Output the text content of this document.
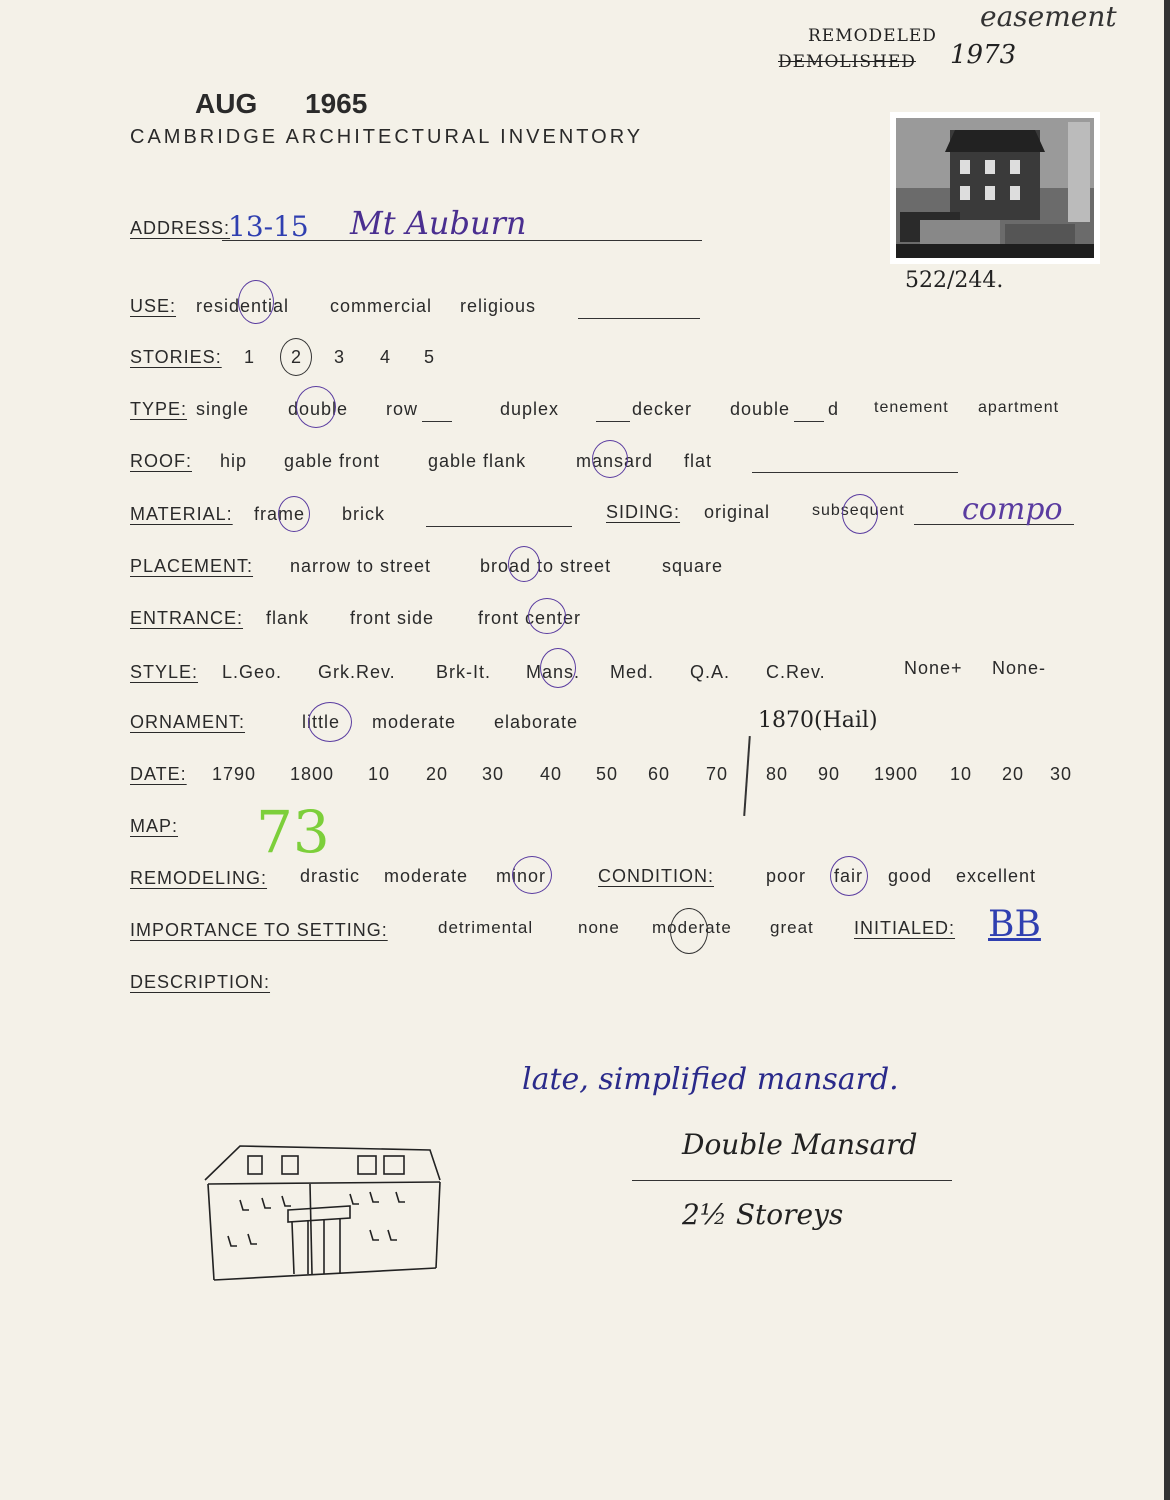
easement
REMODELED
DEMOLISHED 1973
AUG 1965
CAMBRIDGE ARCHITECTURAL INVENTORY
522/244.
ADDRESS:
13-15 Mt Auburn
USE: residential commercial religious
STORIES: 1 2 3 4 5
TYPE: single double row	duplex	decker double d tenement apartment
ROOF: hip gable front	gable flank	mansard flat
MATERIAL: frame brick	SIDING: original	subsequent compo
PLACEMENT: narrow to street	broad to street	square
ENTRANCE: flank front side front center
STYLE: L.Geo. Grk.Rev. Brk-It. Mans. Med. Q.A. C.Rev.	None+ None-
ORNAMENT:	little moderate elaborate	1870(Hail)
DATE: 1790 1800 10 20 30 40 50 60 70 80 90 1900 10 20 30
MAP: 73
REMODELING: drastic moderate minor	CONDITION:	poor fair good excellent
IMPORTANCE TO SETTING:	detrimental	none moderate great INITIALED: BB
DESCRIPTION:
late, simplified mansard.
Double Mansard
2½ Storeys
